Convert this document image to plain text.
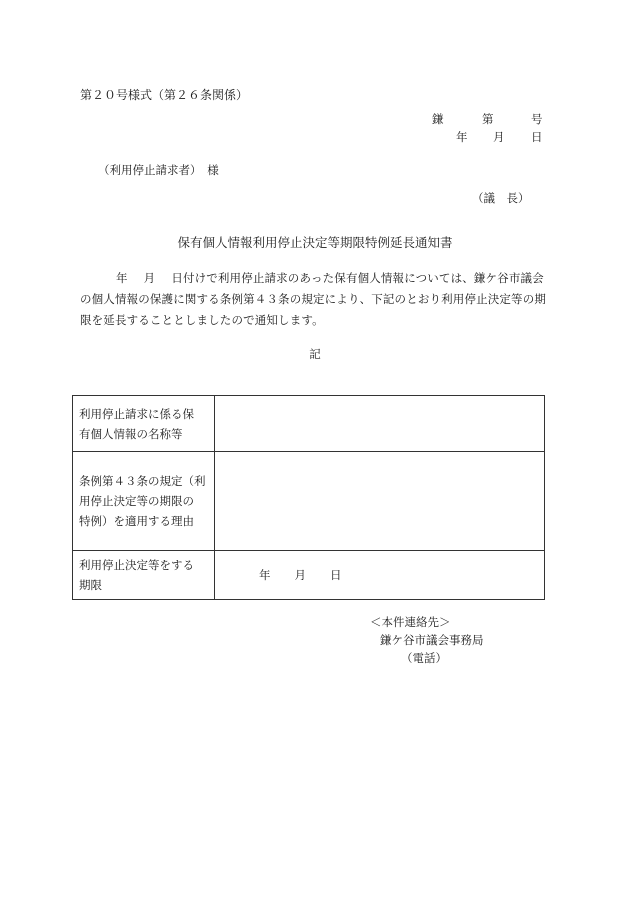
第２０号様式（第２６条関係）
鎌	第	号
年 月 日
（利用停止請求者）　様
（議　長）
保有個人情報利用停止決定等期限特例延長通知書
年 月 日付けで利用停止請求のあった保有個人情報については、鎌ケ谷市議会の個人情報の保護に関する条例第４３条の規定により、下記のとおり利用停止決定等の期限を延長することとしましたので通知します。
記
利用停止請求に係る保
有個人情報の名称等	

条例第４３条の規定（利
用停止決定等の期限の
特例）を適用する理由	

利用停止決定等をする
期限	年 月 日
＜本件連絡先＞
鎌ケ谷市議会事務局
（電話）
